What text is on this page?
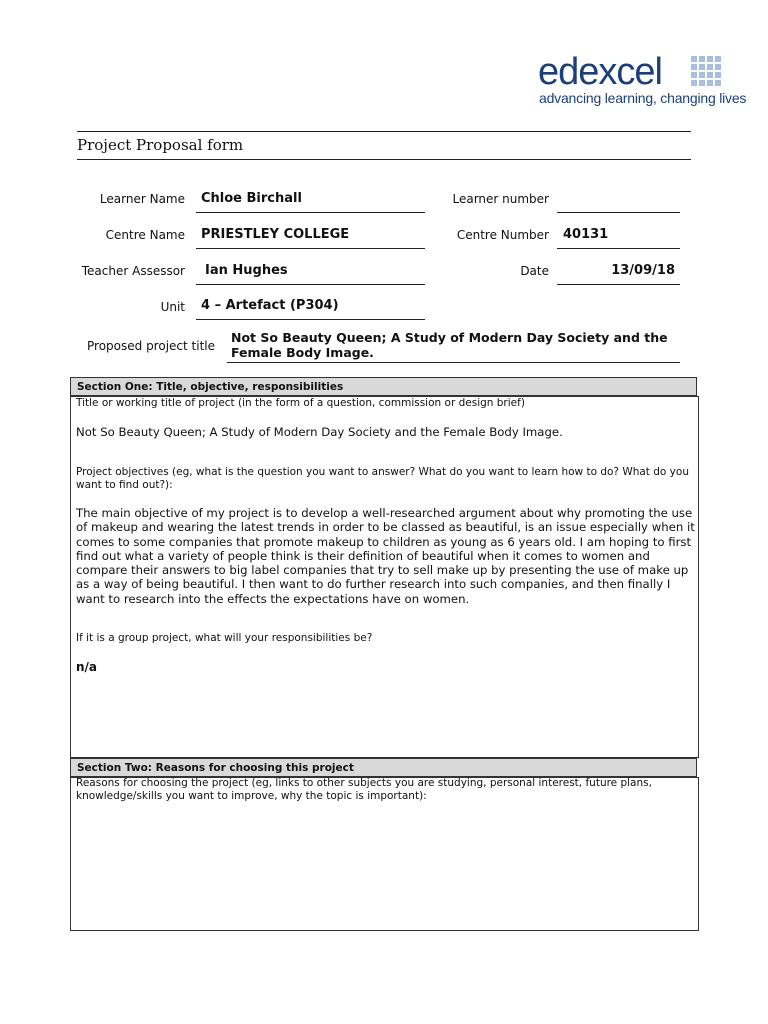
edexcel
advancing learning, changing lives
Project Proposal form
Learner Name Chloe Birchall	Learner number
Centre Name PRIESTLEY COLLEGE	Centre Number 40131
Teacher Assessor Ian Hughes	Date	13/09/18
Unit 4 – Artefact (P304)
Proposed project title
Not So Beauty Queen; A Study of Modern Day Society and the Female Body Image.
Section One: Title, objective, responsibilities
Title or working title of project (in the form of a question, commission or design brief)
Not So Beauty Queen; A Study of Modern Day Society and the Female Body Image.
Project objectives (eg, what is the question you want to answer? What do you want to learn how to do? What do you want to find out?):
The main objective of my project is to develop a well-researched argument about why promoting the use of makeup and wearing the latest trends in order to be classed as beautiful, is an issue especially when it comes to some companies that promote makeup to children as young as 6 years old. I am hoping to first find out what a variety of people think is their definition of beautiful when it comes to women and compare their answers to big label companies that try to sell make up by presenting the use of make up as a way of being beautiful. I then want to do further research into such companies, and then finally I want to research into the effects the expectations have on women.
If it is a group project, what will your responsibilities be?
n/a
Section Two: Reasons for choosing this project
Reasons for choosing the project (eg, links to other subjects you are studying, personal interest, future plans, knowledge/skills you want to improve, why the topic is important):
